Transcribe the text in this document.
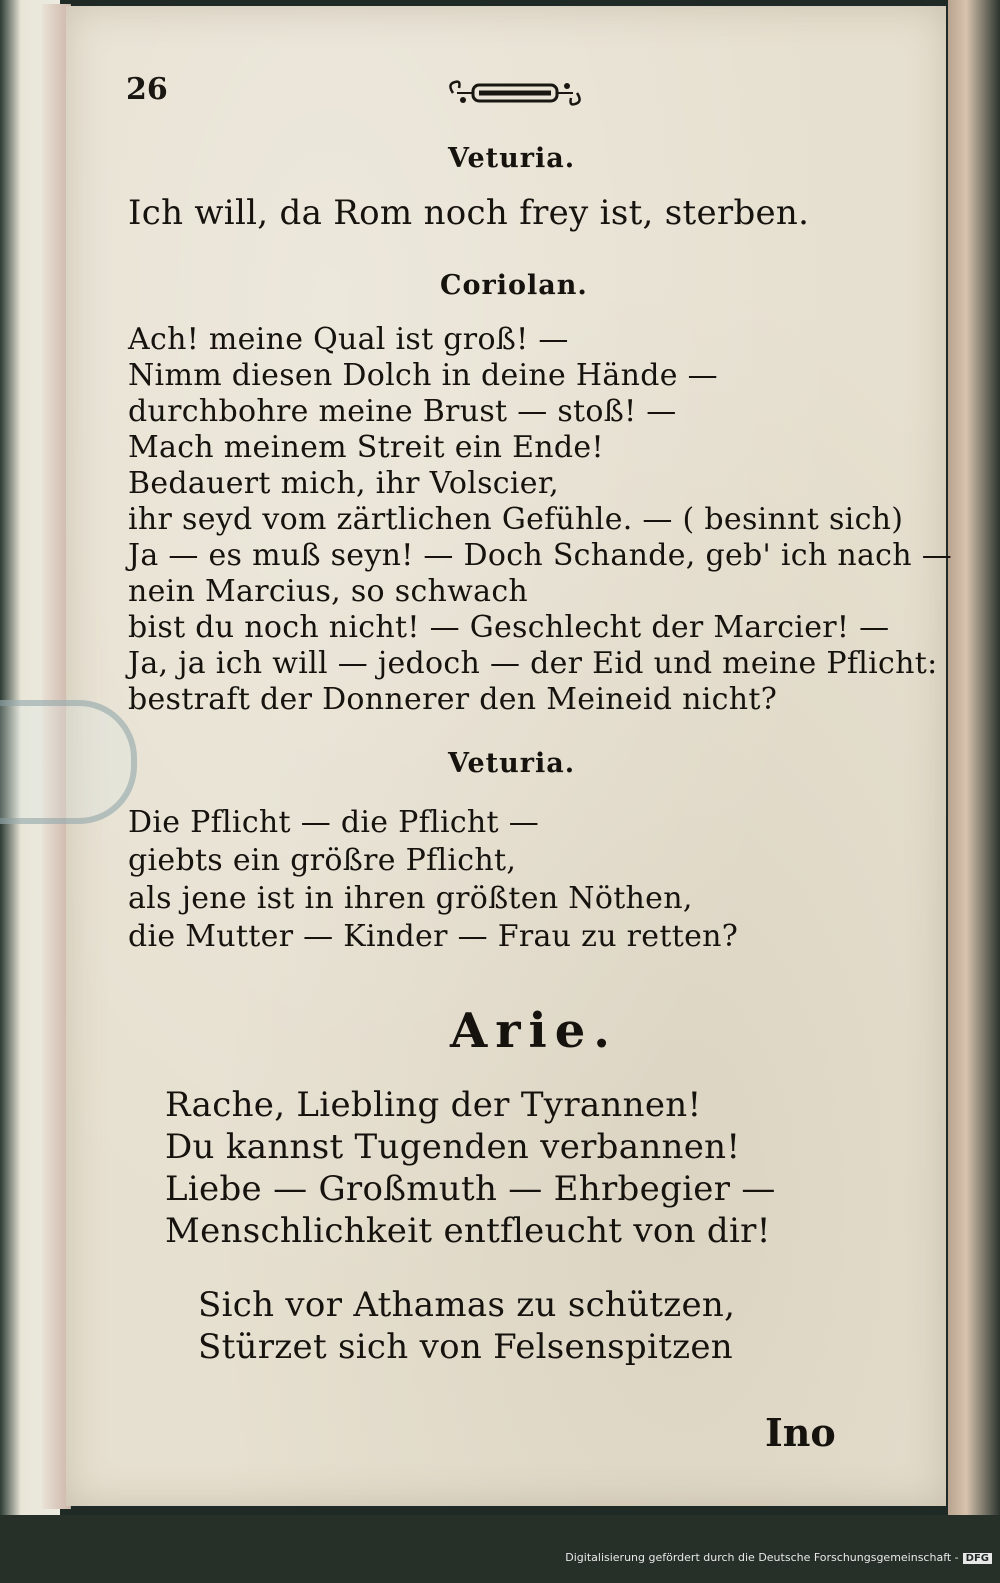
26
Veturia.
Ich will, da Rom noch frey ist, sterben.
Coriolan.
Ach! meine Qual ist groß! —
Nimm diesen Dolch in deine Hände —
durchbohre meine Brust — stoß! —
Mach meinem Streit ein Ende!
Bedauert mich, ihr Volscier,
ihr seyd vom zärtlichen Gefühle. — ( besinnt sich)
Ja — es muß seyn! — Doch Schande, geb' ich nach —
nein Marcius, so schwach
bist du noch nicht! — Geschlecht der Marcier! —
Ja, ja ich will — jedoch — der Eid und meine Pflicht:
bestraft der Donnerer den Meineid nicht?
Veturia.
Die Pflicht — die Pflicht —
giebts ein größre Pflicht,
als jene ist in ihren größten Nöthen,
die Mutter — Kinder — Frau zu retten?
Arie.
Rache, Liebling der Tyrannen!
Du kannst Tugenden verbannen!
Liebe — Großmuth — Ehrbegier —
Menschlichkeit entfleucht von dir!
Sich vor Athamas zu schützen,
Stürzet sich von Felsenspitzen
Ino
Digitalisierung gefördert durch die Deutsche Forschungsgemeinschaft - DFG
